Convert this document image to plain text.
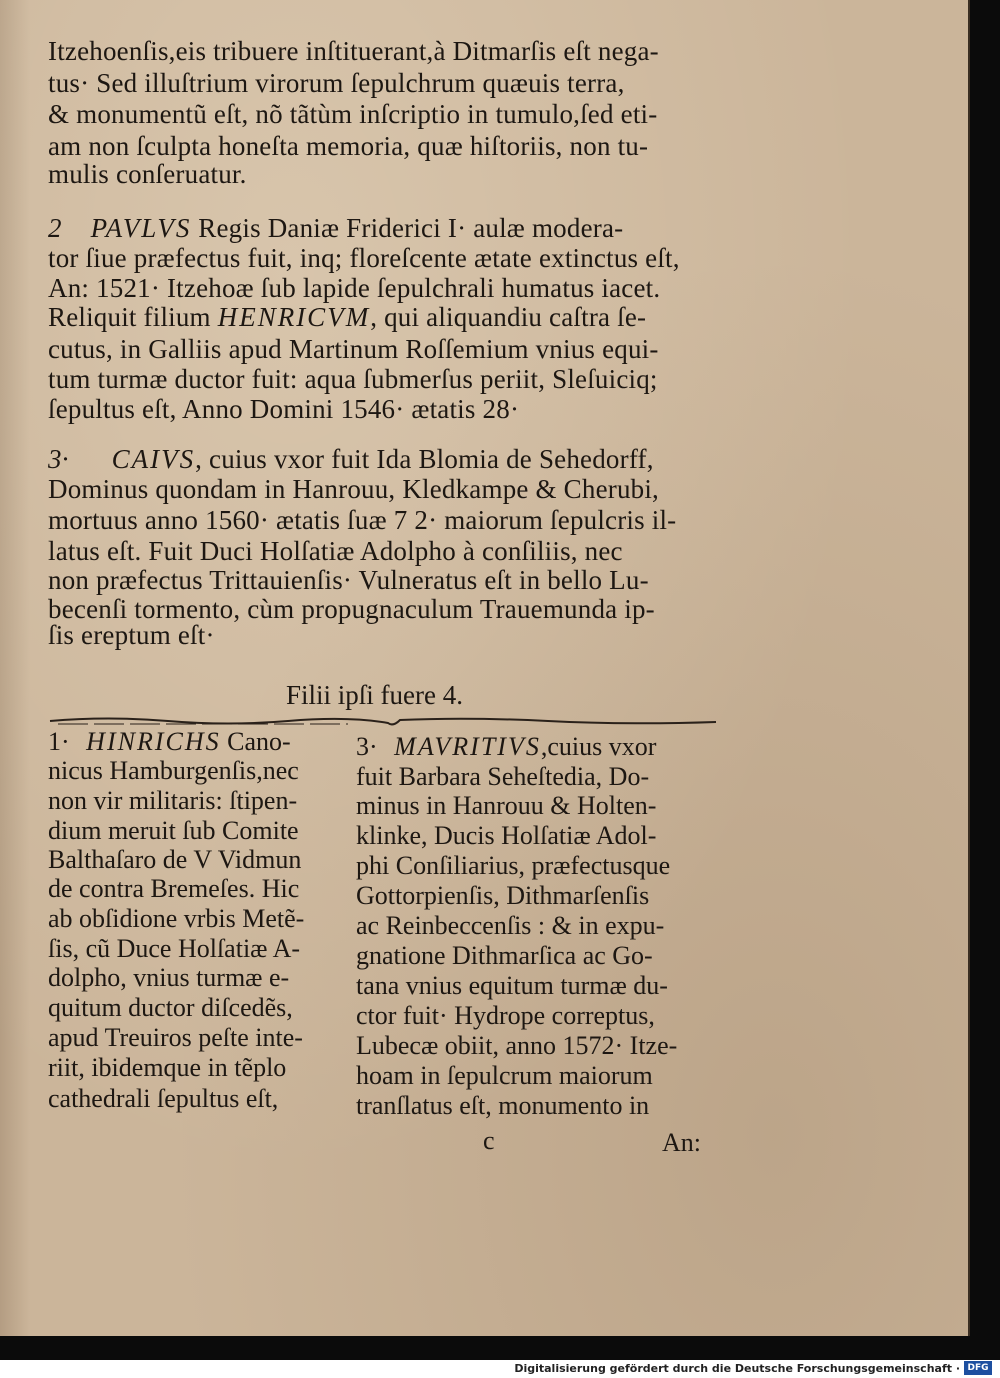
Itzehoenſis,eis tribuere inſtituerant,à Ditmarſis eſt nega-
tus· Sed illuſtrium virorum ſepulchrum quæuis terra,
& monumentũ eſt, nõ tãtùm inſcriptio in tumulo,ſed eti-
am non ſculpta honeſta memoria, quæ hiſtoriis, non tu-
mulis conſeruatur.
2 PAVLVS Regis Daniæ Friderici I· aulæ modera-
tor ſiue præfectus fuit, inq; floreſcente ætate extinctus eſt,
An: 1521· Itzehoæ ſub lapide ſepulchrali humatus iacet.
Reliquit filium HENRICVM, qui aliquandiu caſtra ſe-
cutus, in Galliis apud Martinum Roſſemium vnius equi-
tum turmæ ductor fuit: aqua ſubmerſus periit, Sleſuiciq;
ſepultus eſt, Anno Domini 1546· ætatis 28·
3· CAIVS, cuius vxor fuit Ida Blomia de Sehedorff,
Dominus quondam in Hanrouu, Kledkampe & Cherubi,
mortuus anno 1560· ætatis ſuæ 7 2· maiorum ſepulcris il-
latus eſt. Fuit Duci Holſatiæ Adolpho à conſiliis, nec
non præfectus Trittauienſis· Vulneratus eſt in bello Lu-
becenſi tormento, cùm propugnaculum Trauemunda ip-
ſis ereptum eſt·
Filii ipſi fuere 4.
1· HINRICHS Cano-
nicus Hamburgenſis,nec
non vir militaris: ſtipen-
dium meruit ſub Comite
Balthaſaro de V Vidmun
de contra Bremeſes. Hic
ab obſidione vrbis Metẽ-
ſis, cũ Duce Holſatiæ A-
dolpho, vnius turmæ e-
quitum ductor diſcedẽs,
apud Treuiros peſte inte-
riit, ibidemque in tẽplo
cathedrali ſepultus eſt,
3· MAVRITIVS,cuius vxor
fuit Barbara Seheſtedia, Do-
minus in Hanrouu & Holten-
klinke, Ducis Holſatiæ Adol-
phi Conſiliarius, præfectusque
Gottorpienſis, Dithmarſenſis
ac Reinbeccenſis : & in expu-
gnatione Dithmarſica ac Go-
tana vnius equitum turmæ du-
ctor fuit· Hydrope correptus,
Lubecæ obiit, anno 1572· Itze-
hoam in ſepulcrum maiorum
tranſlatus eſt, monumento in
c	An:
Digitalisierung gefördert durch die Deutsche Forschungsgemeinschaft · DFG
